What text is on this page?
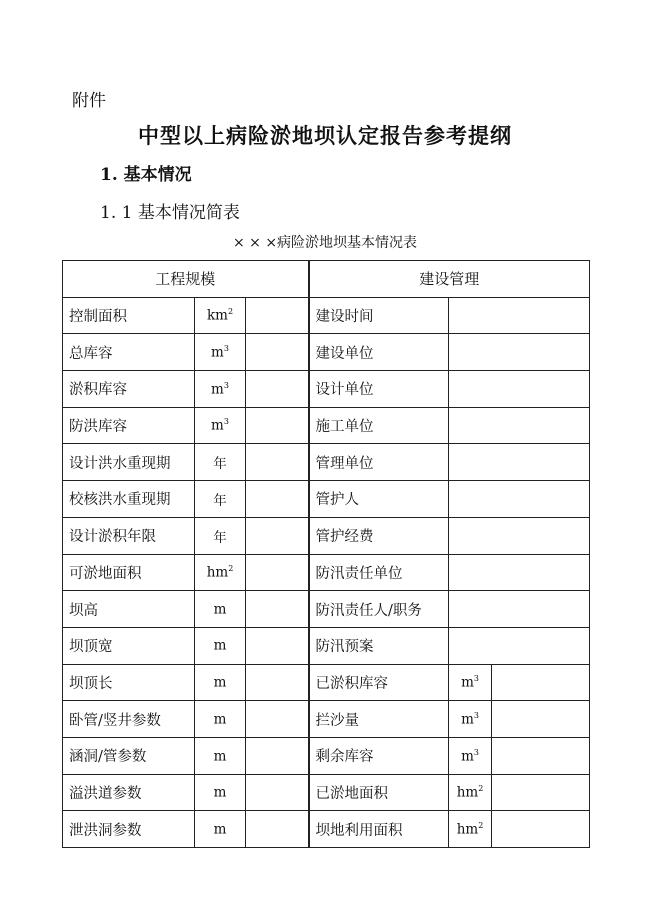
附件
中型以上病险淤地坝认定报告参考提纲
1. 基本情况
1. 1 基本情况简表
× × ×病险淤地坝基本情况表
工程规模			建设管理		
控制面积	$km^2$		建设时间		
总库容	$m^3$		建设单位		
淤积库容	$m^3$		设计单位		
防洪库容	$m^3$		施工单位		
设计洪水重现期	年		管理单位		
校核洪水重现期	年		管护人		
设计淤积年限	年		管护经费		
可淤地面积	$hm^2$		防汛责任单位		
坝高	m		防汛责任人/职务		
坝顶宽	m		防汛预案		
坝顶长	m		已淤积库容	$m^3$	
卧管/竖井参数	m		拦沙量	$m^3$	
涵洞/管参数	m		剩余库容	$m^3$	
溢洪道参数	m		已淤地面积	$hm^2$	
泄洪洞参数	m		坝地利用面积	$hm^2$	
